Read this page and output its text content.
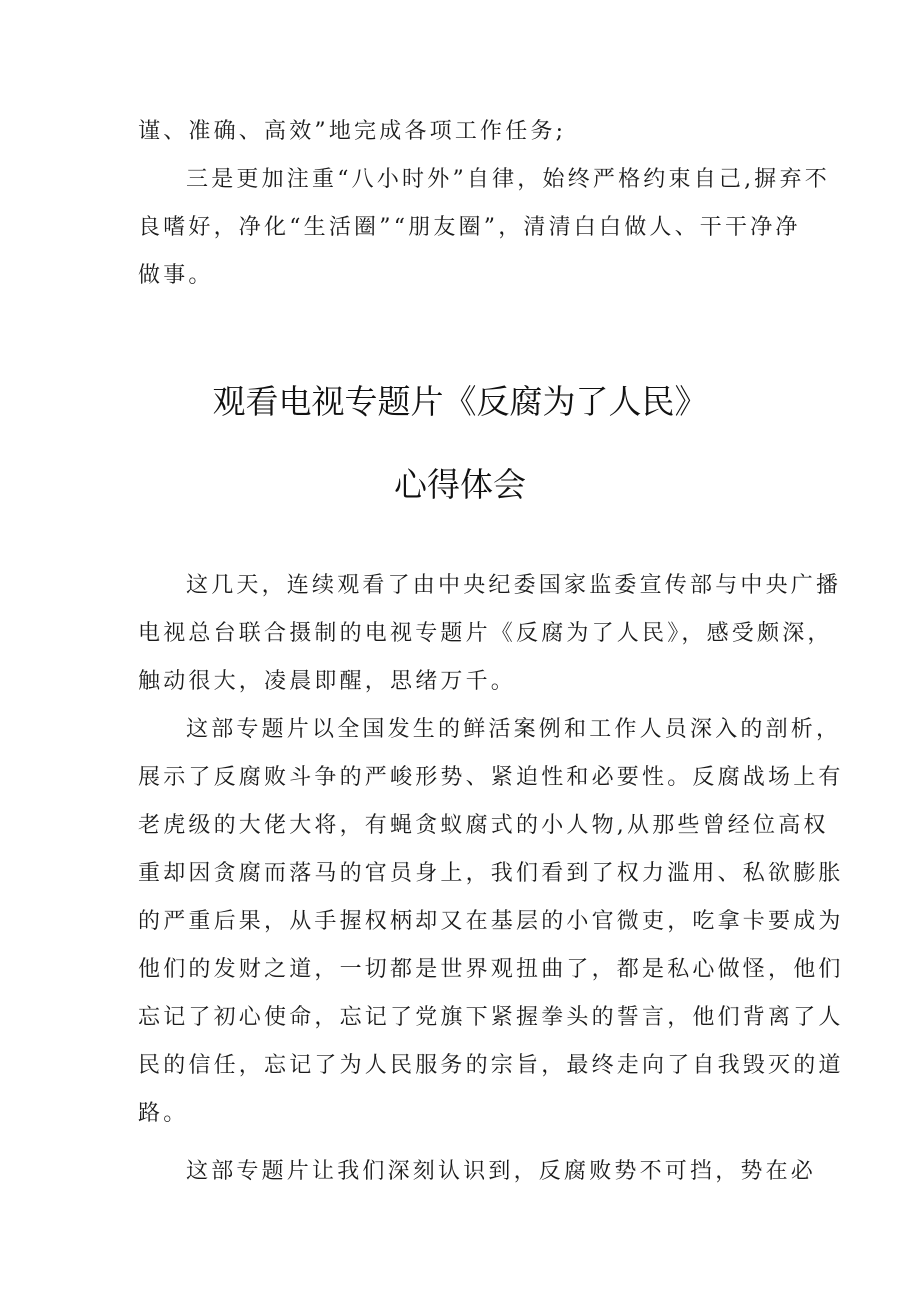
谨、准确、高效”地完成各项工作任务;
三是更加注重“八小时外”自律，始终严格约束自己,摒弃不
良嗜好，净化“生活圈”“朋友圈”，清清白白做人、干干净净
做事。
观看电视专题片《反腐为了人民》
心得体会
这几天，连续观看了由中央纪委国家监委宣传部与中央广播
电视总台联合摄制的电视专题片《反腐为了人民》，感受颇深，
触动很大，凌晨即醒，思绪万千。
这部专题片以全国发生的鲜活案例和工作人员深入的剖析，
展示了反腐败斗争的严峻形势、紧迫性和必要性。反腐战场上有
老虎级的大佬大将，有蝇贪蚁腐式的小人物,从那些曾经位高权
重却因贪腐而落马的官员身上，我们看到了权力滥用、私欲膨胀
的严重后果，从手握权柄却又在基层的小官微吏，吃拿卡要成为
他们的发财之道，一切都是世界观扭曲了，都是私心做怪，他们
忘记了初心使命，忘记了党旗下紧握拳头的誓言，他们背离了人
民的信任，忘记了为人民服务的宗旨，最终走向了自我毁灭的道
路。
这部专题片让我们深刻认识到，反腐败势不可挡，势在必
